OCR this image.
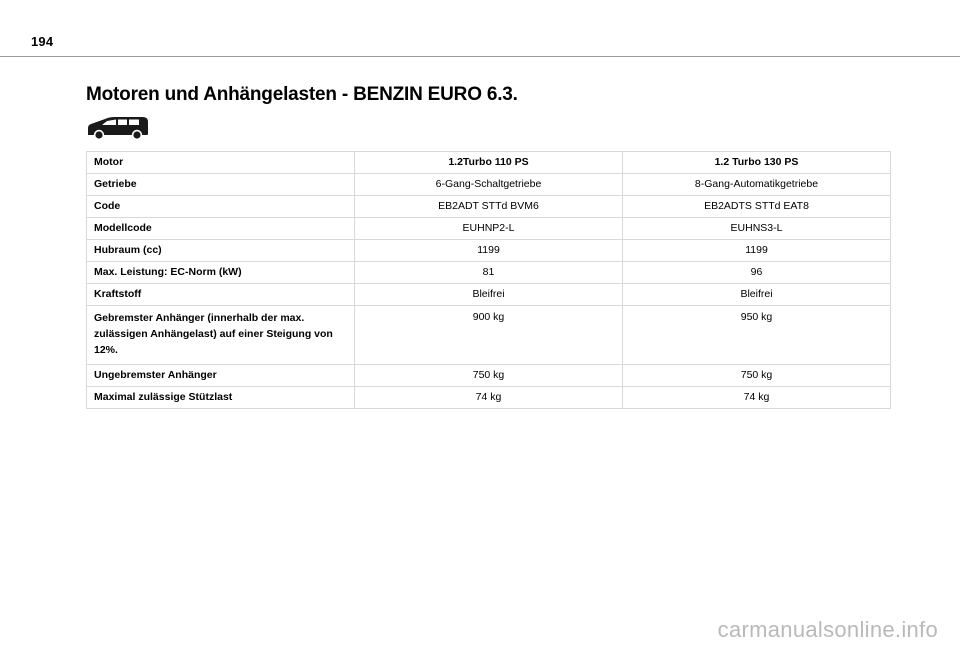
194
Motoren und Anhängelasten - BENZIN EURO 6.3.
Motor	1.2Turbo 110 PS	1.2 Turbo 130 PS
Getriebe	6-Gang-Schaltgetriebe	8-Gang-Automatikgetriebe
Code	EB2ADT STTd BVM6	EB2ADTS STTd EAT8
Modellcode	EUHNP2-L	EUHNS3-L
Hubraum (cc)	1199	1199
Max. Leistung: EC-Norm (kW)	81	96
Kraftstoff	Bleifrei	Bleifrei
Gebremster Anhänger (innerhalb der max. zulässigen Anhängelast) auf einer Steigung von 12%.	900 kg	950 kg
Ungebremster Anhänger	750 kg	750 kg
Maximal zulässige Stützlast	74 kg	74 kg
carmanualsonline.info
